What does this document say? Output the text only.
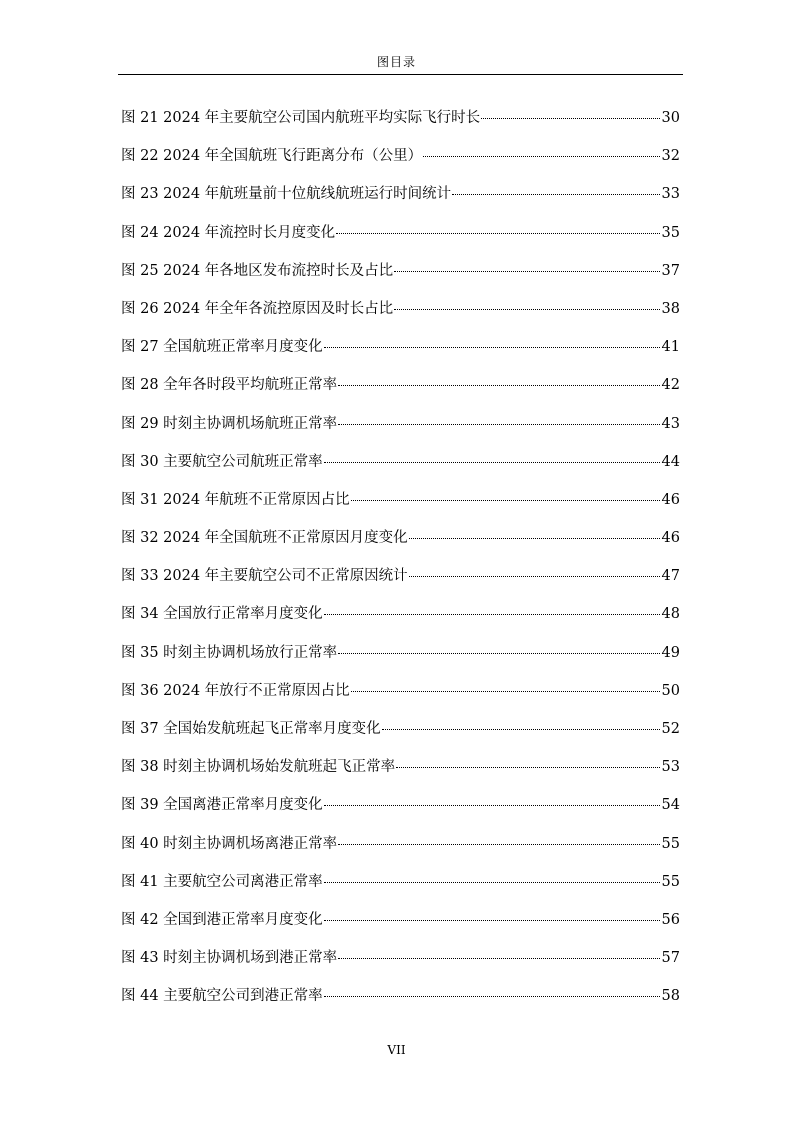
图目录
图 21 2024 年主要航空公司国内航班平均实际飞行时长	30
图 22 2024 年全国航班飞行距离分布（公里）	32
图 23 2024 年航班量前十位航线航班运行时间统计	33
图 24 2024 年流控时长月度变化	35
图 25 2024 年各地区发布流控时长及占比	37
图 26 2024 年全年各流控原因及时长占比	38
图 27 全国航班正常率月度变化	41
图 28 全年各时段平均航班正常率	42
图 29 时刻主协调机场航班正常率	43
图 30 主要航空公司航班正常率	44
图 31 2024 年航班不正常原因占比	46
图 32 2024 年全国航班不正常原因月度变化	46
图 33 2024 年主要航空公司不正常原因统计	47
图 34 全国放行正常率月度变化	48
图 35 时刻主协调机场放行正常率	49
图 36 2024 年放行不正常原因占比	50
图 37 全国始发航班起飞正常率月度变化	52
图 38 时刻主协调机场始发航班起飞正常率	53
图 39 全国离港正常率月度变化	54
图 40 时刻主协调机场离港正常率	55
图 41 主要航空公司离港正常率	55
图 42 全国到港正常率月度变化	56
图 43 时刻主协调机场到港正常率	57
图 44 主要航空公司到港正常率	58
VII
